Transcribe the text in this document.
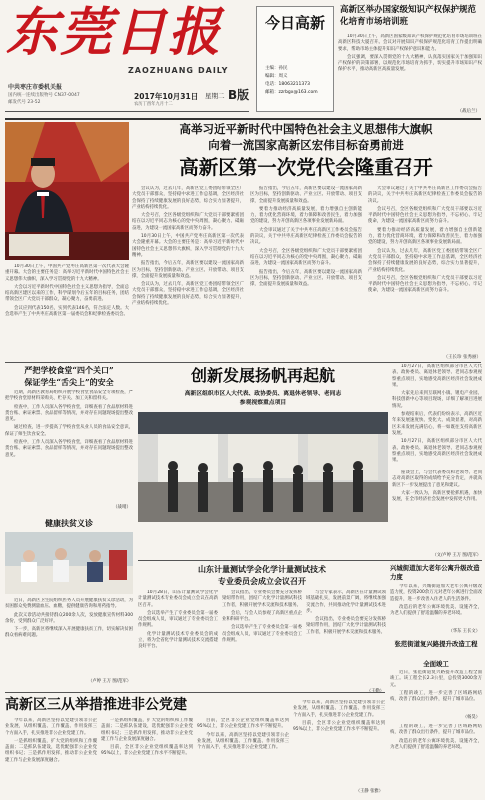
东莞日报
ZAOZHUANG DAILY
中共枣庄市委机关报
国内统一连续出版物号 CN37-0047
邮发代号 23-52
2017年10月31日 星期二 B版
农历丁酉年九月十二
今日高新
主编：孙民
编辑：周义
电话：18063211373
邮箱：zzrbgx@163.com
高新区举办国家级知识产权保护规范化培育市场培训班

10月30日上午，高新区国家级知识产权保护规范化培育市场培训班在高新区科技大厦召开。会议对开展知识产权保护规范化培育工作提出明确要求，帮助市场主体提升知识产权保护意识和能力。

会议强调，要深入贯彻党的十九大精神，认真落实国家关于加强知识产权保护的决策部署，以规范化市场培育为抓手，切实提升市场知识产权保护水平，推动高新区高质量发展。

（战后兰）
高举习近平新时代中国特色社会主义思想伟大旗帜
向着一流国家高新区宏伟目标奋勇前进
高新区第一次党代会隆重召开

10月30日上午，中国共产党枣庄高新区第一次代表大会隆重开幕。大会的主要任务是：高举习近平新时代中国特色社会主义思想伟大旗帜，深入学习贯彻党的十九大精神。

大会以习近平新时代中国特色社会主义思想为指导，全面总结高新区建区以来的工作，科学谋划今后五年的目标任务，团结带领全区广大党员干部群众，凝心聚力，奋勇前进。

会议应到代表150名，实到代表146名，符合法定人数。大会选举产生了中共枣庄高新区第一届委员会和纪律检查委员会。

会议认为，过去几年，高新区党工委团结带领全区广大党员干部群众，坚持稳中求进工作总基调，全区经济社会保持了持续健康发展的良好态势，综合实力显著提升，产业结构持续优化。

大会号召，全区各级党组织和广大党员干部要紧密团结在以习近平同志为核心的党中央周围，凝心聚力、砥砺奋进，为建设一流国家高新区而努力奋斗。

10月30日上午，中国共产党枣庄高新区第一次代表大会隆重开幕。大会的主要任务是：高举习近平新时代中国特色社会主义思想伟大旗帜，深入学习贯彻党的十九大精神。

报告指出，今后五年，高新区要以建设一流国家高新区为目标，坚持创新驱动、产业立区、开放带动、项目支撑，全面提升发展质量和效益。

会议认为，过去几年，高新区党工委团结带领全区广大党员干部群众，坚持稳中求进工作总基调，全区经济社会保持了持续健康发展的良好态势，综合实力显著提升，产业结构持续优化。

报告指出，今后五年，高新区要以建设一流国家高新区为目标，坚持创新驱动、产业立区、开放带动、项目支撑，全面提升发展质量和效益。

要着力推动经济高质量发展，着力增强自主创新能力，着力优化营商环境，着力保障和改善民生，着力加强党的建设，努力开创高新区各项事业发展新局面。

大会审议通过了关于中共枣庄高新区工作委员会报告的决议，关于中共枣庄高新区纪律检查工作委员会报告的决议。

大会号召，全区各级党组织和广大党员干部要紧密团结在以习近平同志为核心的党中央周围，凝心聚力、砥砺奋进，为建设一流国家高新区而努力奋斗。

报告指出，今后五年，高新区要以建设一流国家高新区为目标，坚持创新驱动、产业立区、开放带动、项目支撑，全面提升发展质量和效益。

大会审议通过了关于中共枣庄高新区工作委员会报告的决议，关于中共枣庄高新区纪律检查工作委员会报告的决议。

会议号召，全区各级党组织和广大党员干部要以习近平新时代中国特色社会主义思想为指导，不忘初心、牢记使命，为建设一流国家高新区而努力奋斗。

要着力推动经济高质量发展，着力增强自主创新能力，着力优化营商环境，着力保障和改善民生，着力加强党的建设，努力开创高新区各项事业发展新局面。

会议认为，过去几年，高新区党工委团结带领全区广大党员干部群众，坚持稳中求进工作总基调，全区经济社会保持了持续健康发展的良好态势，综合实力显著提升，产业结构持续优化。

会议号召，全区各级党组织和广大党员干部要以习近平新时代中国特色社会主义思想为指导，不忘初心、牢记使命，为建设一流国家高新区而努力奋斗。

（王长珍 张秀丽）
严把学校食堂“四个关口”
保证学生“舌尖上”的安全

近期，高新区教育局组织开展学校食堂食品安全专项检查，严把学校食堂原材料采购关、贮存关、加工关和留样关。

检查中，工作人员深入各学校食堂，详细查看了食品原材料进货台账、索证索票、食品留样等情况，并对存在问题现场提出整改意见。

通过检查，进一步提高了学校食堂从业人员的食品安全意识，保证了师生饮食安全。

检查中，工作人员深入各学校食堂，详细查看了食品原材料进货台账、索证索票、食品留样等情况，并对存在问题现场提出整改意见。

（战哨）
创新发展扬帆再起航
高新区组织市区人大代表、政协委员、离退休老领导、老同志
参观视察重点项目

10月27日，高新区组织部分市区人大代表、政协委员、离退休老领导、老同志参观视察重点项目，实地感受高新区经济社会发展成果。

大家先后来到互联网小镇、锂电产业园、科技创新中心等项目现场，详细了解项目进展情况。

参观结束后，代表们纷纷表示，高新区近年来发展速度快、变化大、成效显著，对高新区未来发展充满信心，将一如既往支持高新区发展。

10月27日，高新区组织部分市区人大代表、政协委员、离退休老领导、老同志参观视察重点项目，实地感受高新区经济社会发展成果。

座谈会上，与会代表委员和老领导、老同志对高新区取得的成绩给予充分肯定，并就高新区下一步发展提出了意见和建议。

大家一致认为，高新区要抢抓机遇，加快发展，在全市经济社会发展中发挥更大作用。

（文/卢婷 王万 图/范军）
健康扶贫义诊

近日，高新区卫生院组织医务人员开展健康扶贫义诊活动，为贫困群众免费测量血压、血糖，提供健康咨询和用药指导。

此次义诊活动共接待群众200余人次，发放健康宣传材料300余份，受到群众广泛好评。

下一步，高新区将继续深入开展健康扶贫工作，切实解决贫困群众看病难问题。

（卢婷 王万 图/范军）
山东计量测试学会化学计量测试技术
专业委员会成立会议召开

10月28日，山东计量测试学会化学计量测试技术专业委员会成立会议在高新区召开。

会议选举产生了专业委员会第一届委员会组成人员，审议通过了专业委员会工作规则。

化学计量测试技术专业委员会的成立，将为全省化学计量测试技术交流搭建良好平台。

会议指出，专业委员会要充分发挥桥梁纽带作用，团结广大化学计量测试科技工作者，积极开展学术交流和技术服务。

会后，与会人员参观了高新区重点企业和科研平台。

会议选举产生了专业委员会第一届委员会组成人员，审议通过了专业委员会工作规则。

与会专家表示，高新区在计量测试领域基础扎实，发展前景广阔，将继续加强交流合作，共同推动化学计量测试技术进步。

会议指出，专业委员会要充分发挥桥梁纽带作用，团结广大化学计量测试科技工作者，积极开展学术交流和技术服务。

兴城街道加大老年公寓升级改造力度

今年以来，兴城街道加大老年公寓升级改造力度，投资200余万元对老年公寓进行全面改造提升，进一步改善入住老人的生活条件。

改造后的老年公寓环境优美、设施齐全，为老人们提供了舒适温馨的养老环境。

（华东 王长文）
张范街道复兴路提升改造工程
全面竣工

近日，张范街道复兴路提升改造工程全面竣工。该工程全长2.3公里，总投资3000余万元。

工程的竣工，进一步完善了区域路网结构，改善了群众出行条件，提升了城市品位。

（杨昊）
高新区三从举措推进非公党建

今年以来，高新区坚持以党建引领非公企业发展，从组织覆盖、工作覆盖、作用发挥三个方面入手，扎实推进非公企业党建工作。

一是抓组织覆盖，扩大党的组织和工作覆盖面；二是抓队伍建设，选优配强非公企业党组织书记；三是抓作用发挥，推动非公企业党建工作与企业发展深度融合。

一是抓组织覆盖，扩大党的组织和工作覆盖面；二是抓队伍建设，选优配强非公企业党组织书记；三是抓作用发挥，推动非公企业党建工作与企业发展深度融合。

目前，全区非公企业党组织覆盖率达到95%以上，非公企业党建工作水平不断提升。

目前，全区非公企业党组织覆盖率达到95%以上，非公企业党建工作水平不断提升。

今年以来，高新区坚持以党建引领非公企业发展，从组织覆盖、工作覆盖、作用发挥三个方面入手，扎实推进非公企业党建工作。

今年以来，高新区坚持以党建引领非公企业发展，从组织覆盖、工作覆盖、作用发挥三个方面入手，扎实推进非公企业党建工作。

目前，全区非公企业党组织覆盖率达到95%以上，非公企业党建工作水平不断提升。

（王静 张雅）

工程的竣工，进一步完善了区域路网结构，改善了群众出行条件，提升了城市品位。

改造后的老年公寓环境优美、设施齐全，为老人们提供了舒适温馨的养老环境。
